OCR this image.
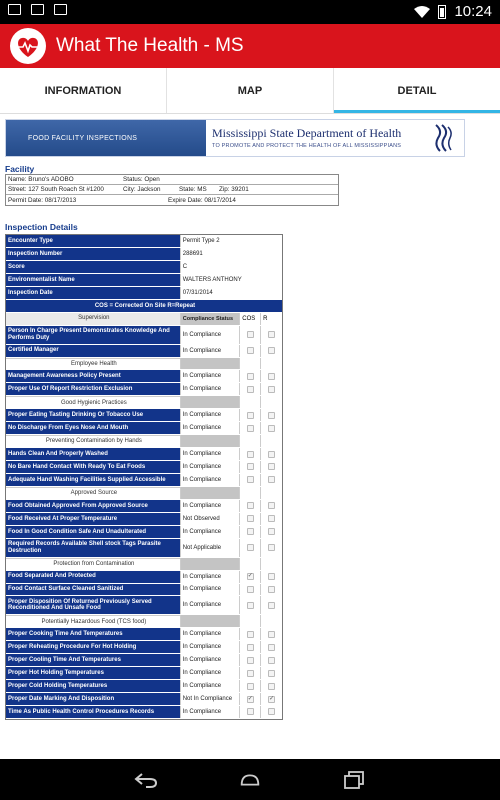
10:24
What The Health - MS
INFORMATION	MAP	DETAIL
FOOD FACILITY INSPECTIONS	Mississippi State Department of Health
TO PROMOTE AND PROTECT THE HEALTH OF ALL MISSISSIPPIANS
Facility
Name: Bruno's ADOBO	Status: Open
Street: 127 South Roach St #1200	City: Jackson	State: MS	Zip: 39201
Permit Date: 08/17/2013	Expire Date: 08/17/2014
Inspection Details
Encounter Type	Permit Type 2
Inspection Number	288691
Score	C
Environmentalist Name	WALTERS ANTHONY
Inspection Date	07/31/2014
COS = Corrected On Site R=Repeat
Supervision	Compliance Status	COS	R
Person In Charge Present Demonstrates Knowledge And Performs Duty	In Compliance
Certified Manager	In Compliance
Employee Health
Management Awareness Policy Present	In Compliance
Proper Use Of Report Restriction Exclusion	In Compliance
Good Hygienic Practices
Proper Eating Tasting Drinking Or Tobacco Use	In Compliance
No Discharge From Eyes Nose And Mouth	In Compliance
Preventing Contamination by Hands
Hands Clean And Properly Washed	In Compliance
No Bare Hand Contact With Ready To Eat Foods	In Compliance
Adequate Hand Washing Facilities Supplied Accessible	In Compliance
Approved Source
Food Obtained Approved From Approved Source	In Compliance
Food Received At Proper Temperature	Not Observed
Food In Good Condition Safe And Unadulterated	In Compliance
Required Records Available Shell stock Tags Parasite Destruction	Not Applicable
Protection from Contamination
Food Separated And Protected	In Compliance	✓
Food Contact Surface Cleaned Sanitized	In Compliance
Proper Disposition Of Returned Previously Served Reconditioned And Unsafe Food	In Compliance
Potentially Hazardous Food (TCS food)
Proper Cooking Time And Temperatures	In Compliance
Proper Reheating Procedure For Hot Holding	In Compliance
Proper Cooling Time And Temperatures	In Compliance
Proper Hot Holding Temperatures	In Compliance
Proper Cold Holding Temperatures	In Compliance
Proper Date Marking And Disposition	Not In Compliance	✓	✓
Time As Public Health Control Procedures Records	In Compliance
